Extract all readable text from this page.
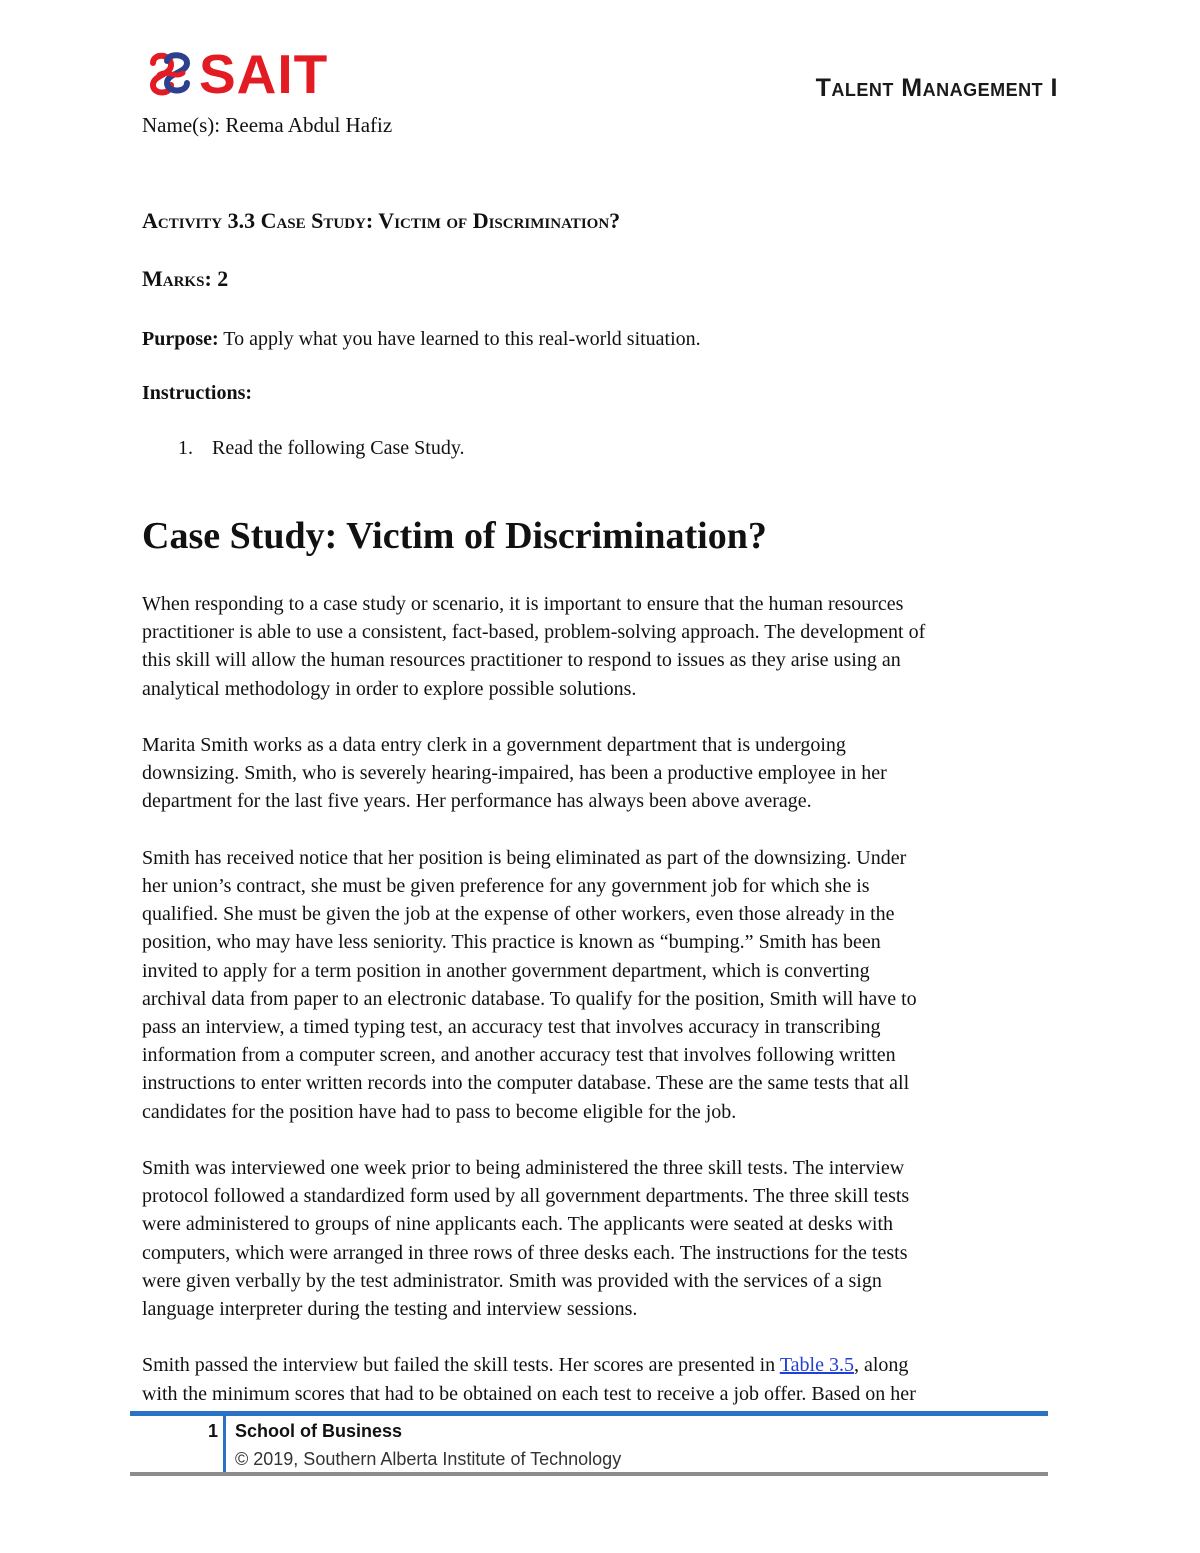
SAIT	Talent Management I
Name(s): Reema Abdul Hafiz
Activity 3.3 Case Study: Victim of Discrimination?
Marks: 2
Purpose: To apply what you have learned to this real-world situation.
Instructions:
1. Read the following Case Study.
Case Study: Victim of Discrimination?

When responding to a case study or scenario, it is important to ensure that the human resources
practitioner is able to use a consistent, fact-based, problem-solving approach. The development of
this skill will allow the human resources practitioner to respond to issues as they arise using an
analytical methodology in order to explore possible solutions.

Marita Smith works as a data entry clerk in a government department that is undergoing
downsizing. Smith, who is severely hearing-impaired, has been a productive employee in her
department for the last five years. Her performance has always been above average.

Smith has received notice that her position is being eliminated as part of the downsizing. Under
her union’s contract, she must be given preference for any government job for which she is
qualified. She must be given the job at the expense of other workers, even those already in the
position, who may have less seniority. This practice is known as “bumping.” Smith has been
invited to apply for a term position in another government department, which is converting
archival data from paper to an electronic database. To qualify for the position, Smith will have to
pass an interview, a timed typing test, an accuracy test that involves accuracy in transcribing
information from a computer screen, and another accuracy test that involves following written
instructions to enter written records into the computer database. These are the same tests that all
candidates for the position have had to pass to become eligible for the job.

Smith was interviewed one week prior to being administered the three skill tests. The interview
protocol followed a standardized form used by all government departments. The three skill tests
were administered to groups of nine applicants each. The applicants were seated at desks with
computers, which were arranged in three rows of three desks each. The instructions for the tests
were given verbally by the test administrator. Smith was provided with the services of a sign
language interpreter during the testing and interview sessions.

Smith passed the interview but failed the skill tests. Her scores are presented in Table 3.5, along
with the minimum scores that had to be obtained on each test to receive a job offer. Based on her

1 School of Business
© 2019, Southern Alberta Institute of Technology
